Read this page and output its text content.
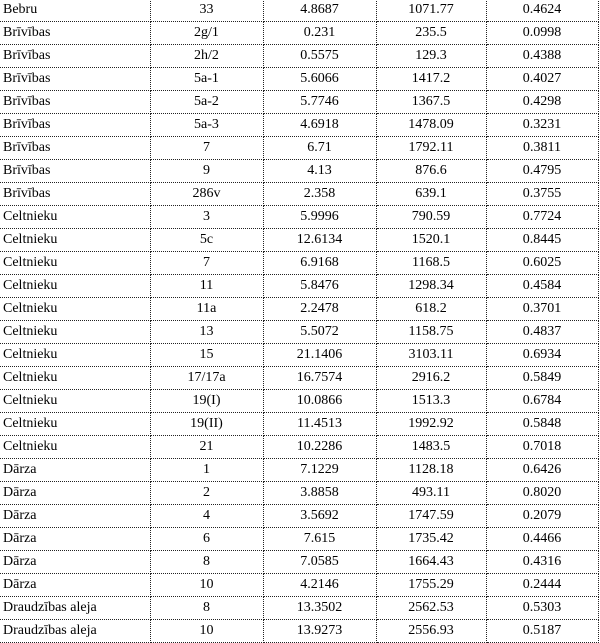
Bebru	33	4.8687	1071.77	0.4624
Brīvības	2g/1	0.231	235.5	0.0998
Brīvības	2h/2	0.5575	129.3	0.4388
Brīvības	5a-1	5.6066	1417.2	0.4027
Brīvības	5a-2	5.7746	1367.5	0.4298
Brīvības	5a-3	4.6918	1478.09	0.3231
Brīvības	7	6.71	1792.11	0.3811
Brīvības	9	4.13	876.6	0.4795
Brīvības	286v	2.358	639.1	0.3755
Celtnieku	3	5.9996	790.59	0.7724
Celtnieku	5c	12.6134	1520.1	0.8445
Celtnieku	7	6.9168	1168.5	0.6025
Celtnieku	11	5.8476	1298.34	0.4584
Celtnieku	11a	2.2478	618.2	0.3701
Celtnieku	13	5.5072	1158.75	0.4837
Celtnieku	15	21.1406	3103.11	0.6934
Celtnieku	17/17a	16.7574	2916.2	0.5849
Celtnieku	19(I)	10.0866	1513.3	0.6784
Celtnieku	19(II)	11.4513	1992.92	0.5848
Celtnieku	21	10.2286	1483.5	0.7018
Dārza	1	7.1229	1128.18	0.6426
Dārza	2	3.8858	493.11	0.8020
Dārza	4	3.5692	1747.59	0.2079
Dārza	6	7.615	1735.42	0.4466
Dārza	8	7.0585	1664.43	0.4316
Dārza	10	4.2146	1755.29	0.2444
Draudzības aleja	8	13.3502	2562.53	0.5303
Draudzības aleja	10	13.9273	2556.93	0.5187
